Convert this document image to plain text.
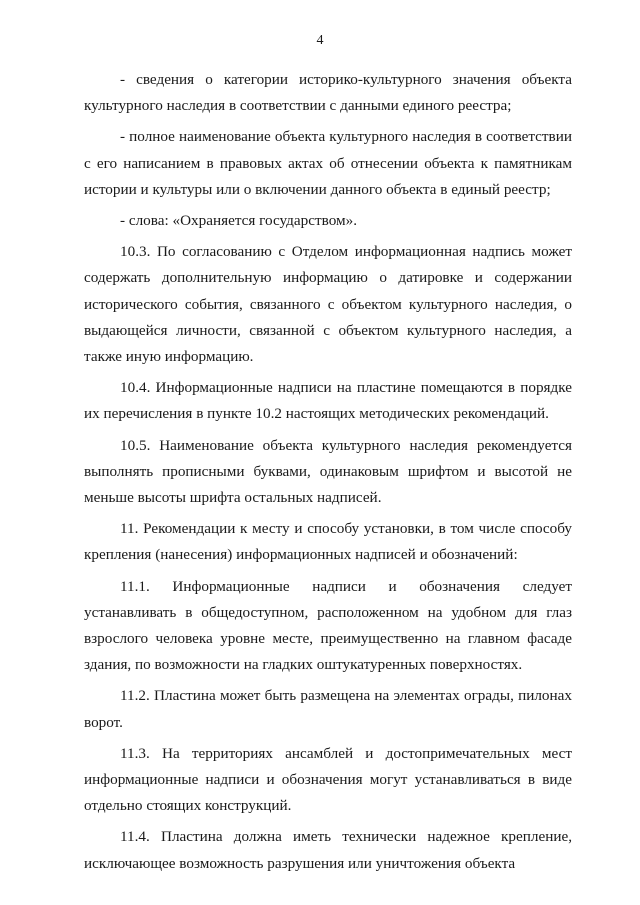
4

- сведения о категории историко-культурного значения объекта культурного наследия в соответствии с данными единого реестра;

- полное наименование объекта культурного наследия в соответствии с его написанием в правовых актах об отнесении объекта к памятникам истории и культуры или о включении данного объекта в единый реестр;

- слова: «Охраняется государством».

10.3. По согласованию с Отделом информационная надпись может содержать дополнительную информацию о датировке и содержании исторического события, связанного с объектом культурного наследия, о выдающейся личности, связанной с объектом культурного наследия, а также иную информацию.

10.4. Информационные надписи на пластине помещаются в порядке их перечисления в пункте 10.2 настоящих методических рекомендаций.

10.5. Наименование объекта культурного наследия рекомендуется выполнять прописными буквами, одинаковым шрифтом и высотой не меньше высоты шрифта остальных надписей.

11. Рекомендации к месту и способу установки, в том числе способу крепления (нанесения) информационных надписей и обозначений:

11.1. Информационные надписи и обозначения следует устанавливать в общедоступном, расположенном на удобном для глаз взрослого человека уровне месте, преимущественно на главном фасаде здания, по возможности на гладких оштукатуренных поверхностях.

11.2. Пластина может быть размещена на элементах ограды, пилонах ворот.

11.3. На территориях ансамблей и достопримечательных мест информационные надписи и обозначения могут устанавливаться в виде отдельно стоящих конструкций.

11.4. Пластина должна иметь технически надежное крепление, исключающее возможность разрушения или уничтожения объекта
